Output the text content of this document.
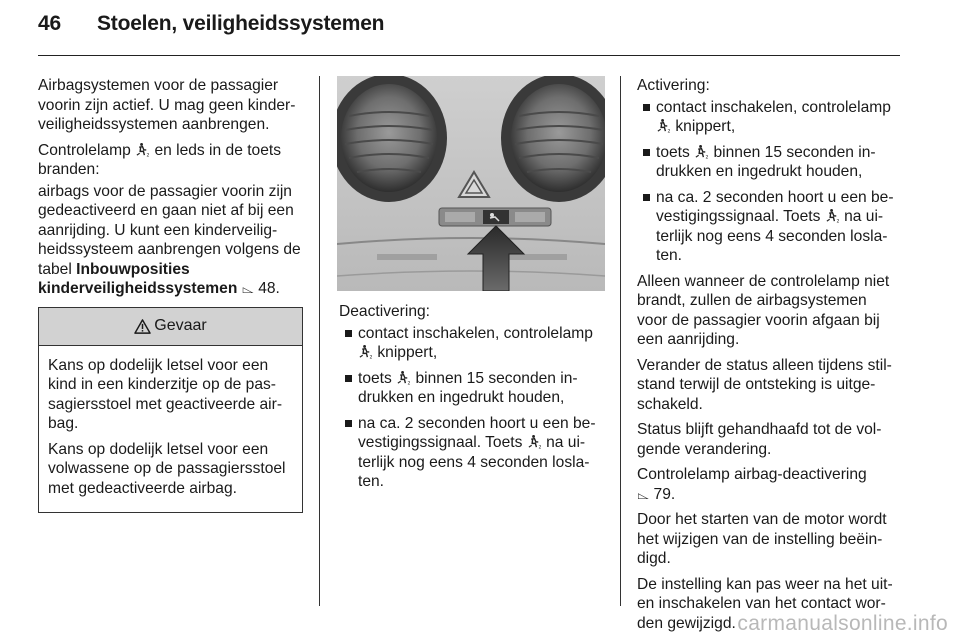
46 Stoelen, veiligheidssystemen

Airbagsystemen voor de passagier voorin zijn actief. U mag geen kinder-veiligheidssystemen aanbrengen.

Controlelamp	2 en leds in de toets branden:

airbags voor de passagier voorin zijn gedeactiveerd en gaan niet af bij een aanrijding. U kunt een kinderveilig-heidssysteem aanbrengen volgens de tabel Inbouwposities kinderveiligheidssystemen ⌳ 48.

Gevaar

Kans op dodelijk letsel voor een kind in een kinderzitje op de pas-sagiersstoel met geactiveerde air-bag.

Kans op dodelijk letsel voor een volwassene op de passagiersstoel met gedeactiveerde airbag.

Deactivering:

contact inschakelen, controlelamp

2 knippert,
toets	2 binnen 15 seconden in-drukken en ingedrukt houden,
na ca. 2 seconden hoort u een be-vestigingssignaal. Toets	2 na ui-terlijk nog eens 4 seconden losla-ten.

Activering:

contact inschakelen, controlelamp

2 knippert,
toets	2 binnen 15 seconden in-drukken en ingedrukt houden,
na ca. 2 seconden hoort u een be-vestigingssignaal. Toets	2 na ui-terlijk nog eens 4 seconden losla-ten.

Alleen wanneer de controlelamp niet brandt, zullen de airbagsystemen voor de passagier voorin afgaan bij een aanrijding.

Verander de status alleen tijdens stil-stand terwijl de ontsteking is uitge-schakeld.

Status blijft gehandhaafd tot de vol-gende verandering.

Controlelamp airbag-deactivering
⌳ 79.

Door het starten van de motor wordt het wijzigen van de instelling beëin-digd.

De instelling kan pas weer na het uit-en inschakelen van het contact wor-den gewijzigd. carmanualsonline.info
